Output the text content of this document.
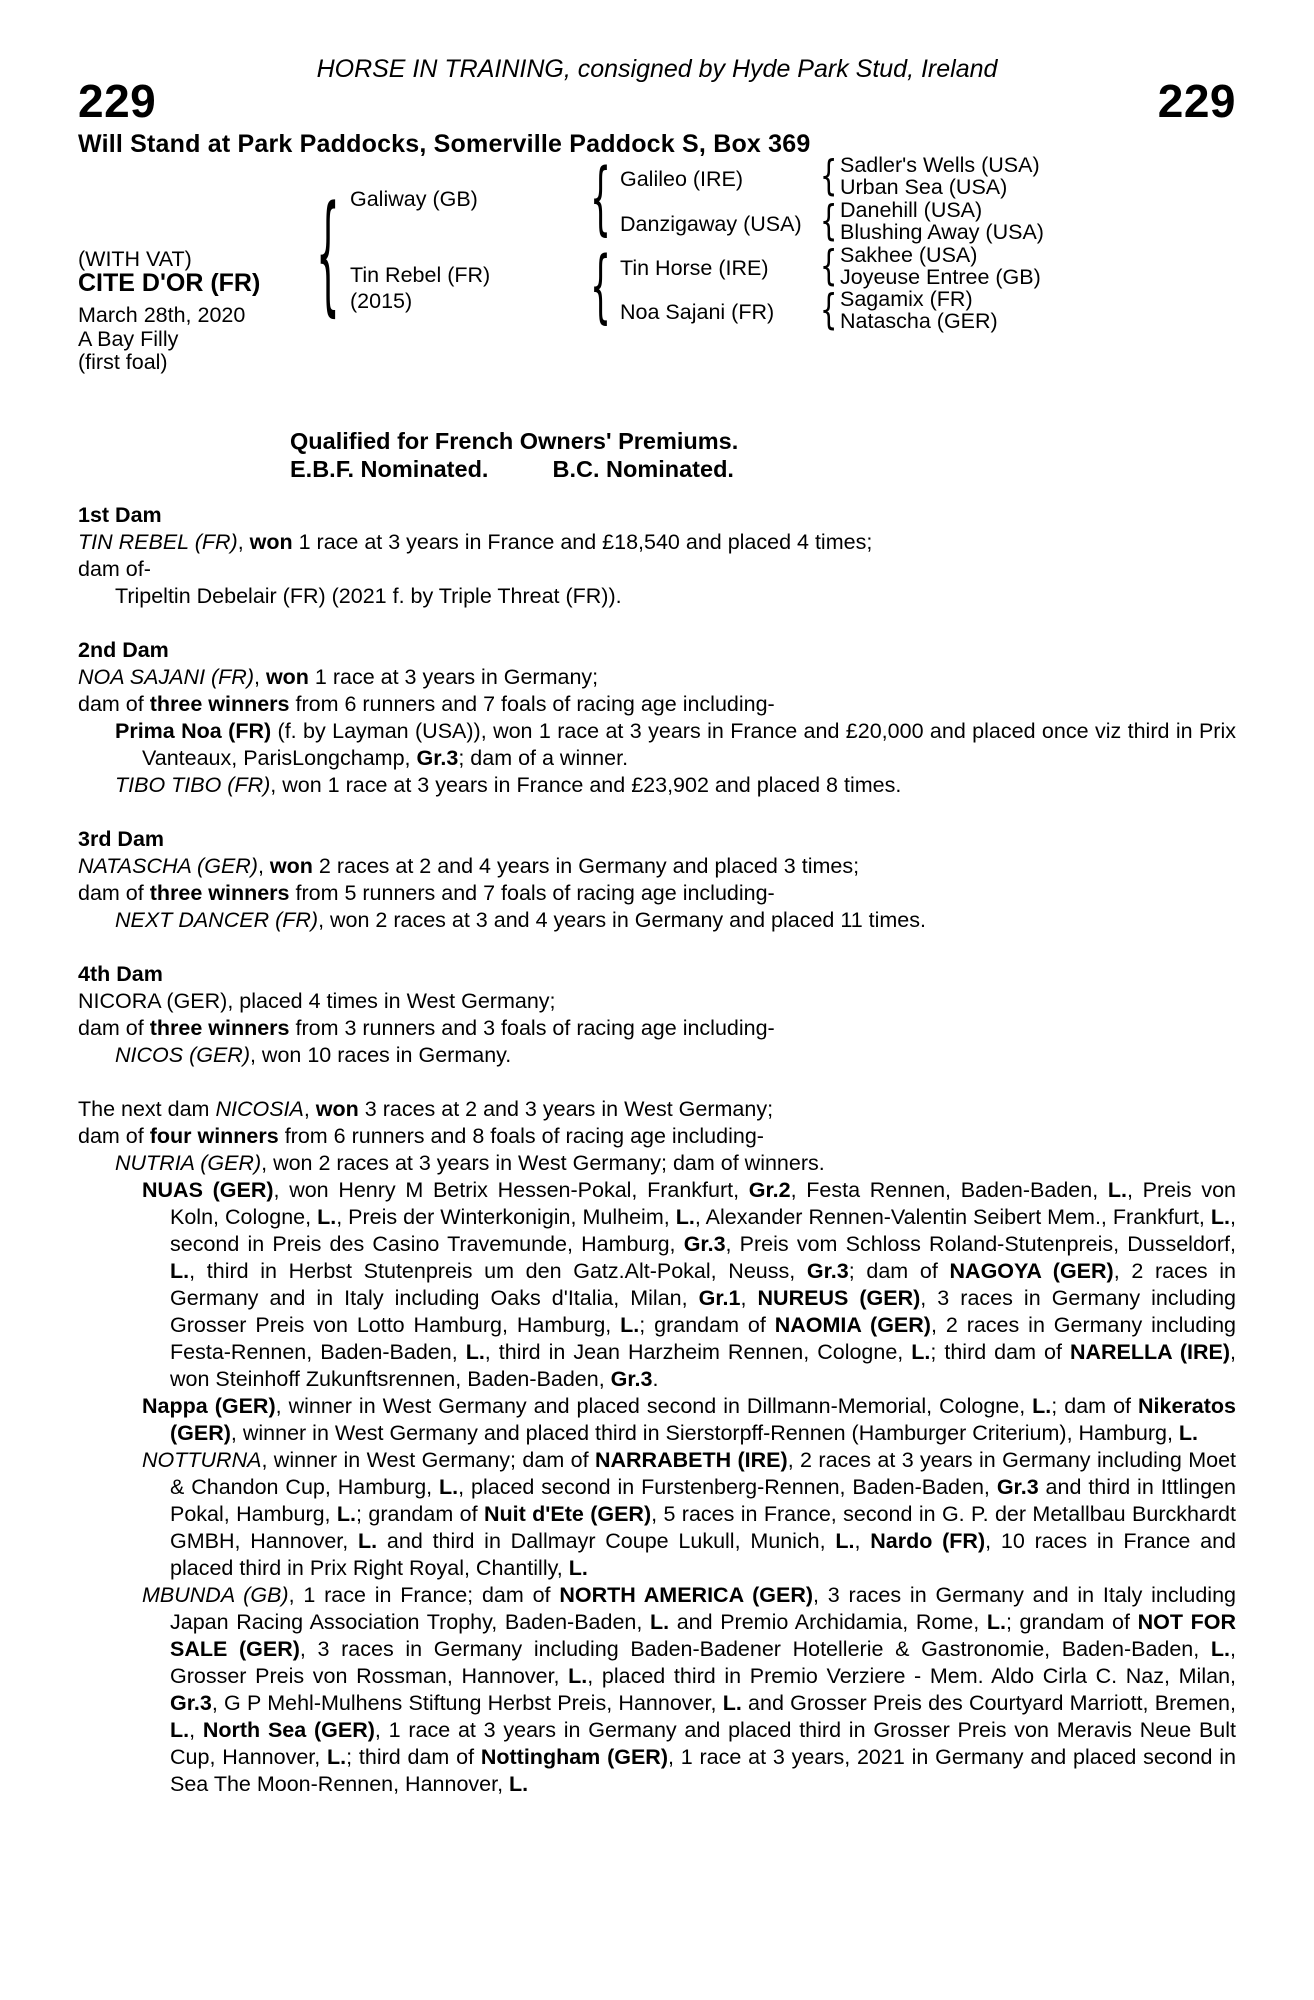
HORSE IN TRAINING, consigned by Hyde Park Stud, Ireland
229	229
Will Stand at Park Paddocks, Somerville Paddock S, Box 369
(WITH VAT)
CITE D'OR (FR)
March 28th, 2020
A Bay Filly
(first foal)
{
{
{
{
{
{
{
Galiway (GB)
Tin Rebel (FR)
(2015)
Galileo (IRE)
Danzigaway (USA)
Tin Horse (IRE)
Noa Sajani (FR)
Sadler's Wells (USA)
Urban Sea (USA)
Danehill (USA)
Blushing Away (USA)
Sakhee (USA)
Joyeuse Entree (GB)
Sagamix (FR)
Natascha (GER)
Qualified for French Owners' Premiums.
E.B.F. Nominated.	B.C. Nominated.
1st Dam
TIN REBEL (FR), won 1 race at 3 years in France and £18,540 and placed 4 times;
dam of-
Tripeltin Debelair (FR) (2021 f. by Triple Threat (FR)).
2nd Dam
NOA SAJANI (FR), won 1 race at 3 years in Germany;
dam of three winners from 6 runners and 7 foals of racing age including-
Prima Noa (FR) (f. by Layman (USA)), won 1 race at 3 years in France and £20,000 and placed once viz third in Prix Vanteaux, ParisLongchamp, Gr.3; dam of a winner.
TIBO TIBO (FR), won 1 race at 3 years in France and £23,902 and placed 8 times.
3rd Dam
NATASCHA (GER), won 2 races at 2 and 4 years in Germany and placed 3 times;
dam of three winners from 5 runners and 7 foals of racing age including-
NEXT DANCER (FR), won 2 races at 3 and 4 years in Germany and placed 11 times.
4th Dam
NICORA (GER), placed 4 times in West Germany;
dam of three winners from 3 runners and 3 foals of racing age including-
NICOS (GER), won 10 races in Germany.
The next dam NICOSIA, won 3 races at 2 and 3 years in West Germany;
dam of four winners from 6 runners and 8 foals of racing age including-
NUTRIA (GER), won 2 races at 3 years in West Germany; dam of winners.
NUAS (GER), won Henry M Betrix Hessen-Pokal, Frankfurt, Gr.2, Festa Rennen, Baden-Baden, L., Preis von Koln, Cologne, L., Preis der Winterkonigin, Mulheim, L., Alexander Rennen-Valentin Seibert Mem., Frankfurt, L., second in Preis des Casino Travemunde, Hamburg, Gr.3, Preis vom Schloss Roland-Stutenpreis, Dusseldorf, L., third in Herbst Stutenpreis um den Gatz.Alt-Pokal, Neuss, Gr.3; dam of NAGOYA (GER), 2 races in Germany and in Italy including Oaks d'Italia, Milan, Gr.1, NUREUS (GER), 3 races in Germany including Grosser Preis von Lotto Hamburg, Hamburg, L.; grandam of NAOMIA (GER), 2 races in Germany including Festa-Rennen, Baden-Baden, L., third in Jean Harzheim Rennen, Cologne, L.; third dam of NARELLA (IRE), won Steinhoff Zukunftsrennen, Baden-Baden, Gr.3.
Nappa (GER), winner in West Germany and placed second in Dillmann-Memorial, Cologne, L.; dam of Nikeratos (GER), winner in West Germany and placed third in Sierstorpff-Rennen (Hamburger Criterium), Hamburg, L.
NOTTURNA, winner in West Germany; dam of NARRABETH (IRE), 2 races at 3 years in Germany including Moet & Chandon Cup, Hamburg, L., placed second in Furstenberg-Rennen, Baden-Baden, Gr.3 and third in Ittlingen Pokal, Hamburg, L.; grandam of Nuit d'Ete (GER), 5 races in France, second in G. P. der Metallbau Burckhardt GMBH, Hannover, L. and third in Dallmayr Coupe Lukull, Munich, L., Nardo (FR), 10 races in France and placed third in Prix Right Royal, Chantilly, L.
MBUNDA (GB), 1 race in France; dam of NORTH AMERICA (GER), 3 races in Germany and in Italy including Japan Racing Association Trophy, Baden-Baden, L. and Premio Archidamia, Rome, L.; grandam of NOT FOR SALE (GER), 3 races in Germany including Baden-Badener Hotellerie & Gastronomie, Baden-Baden, L., Grosser Preis von Rossman, Hannover, L., placed third in Premio Verziere - Mem. Aldo Cirla C. Naz, Milan, Gr.3, G P Mehl-Mulhens Stiftung Herbst Preis, Hannover, L. and Grosser Preis des Courtyard Marriott, Bremen, L., North Sea (GER), 1 race at 3 years in Germany and placed third in Grosser Preis von Meravis Neue Bult Cup, Hannover, L.; third dam of Nottingham (GER), 1 race at 3 years, 2021 in Germany and placed second in Sea The Moon-Rennen, Hannover, L.
